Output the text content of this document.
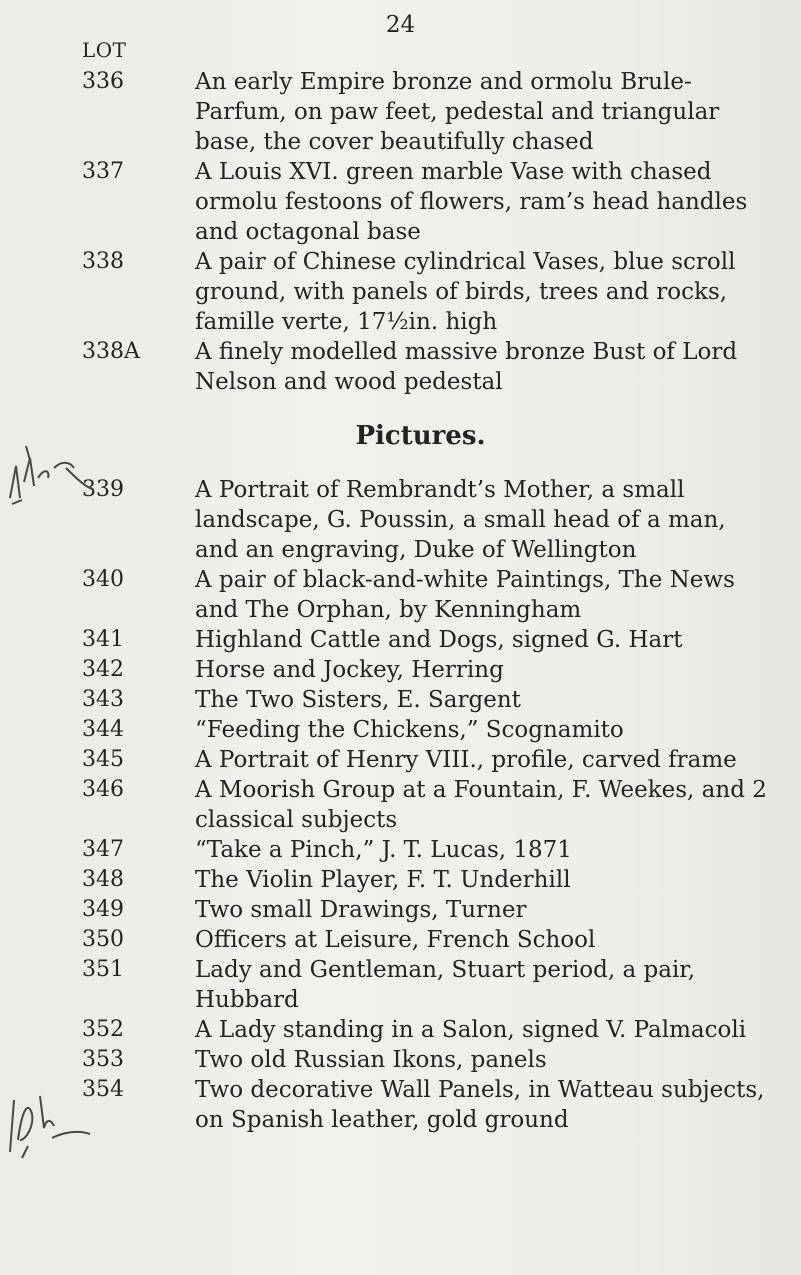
24
LOT
336	An early Empire bronze and ormolu Brule-Parfum, on paw feet, pedestal and triangular base, the cover beautifully chased
337	A Louis XVI. green marble Vase with chased ormolu festoons of flowers, ram’s head handles and octagonal base
338	A pair of Chinese cylindrical Vases, blue scroll ground, with panels of birds, trees and rocks, famille verte, 17½in. high
338A	A finely modelled massive bronze Bust of Lord Nelson and wood pedestal
Pictures.
339	A Portrait of Rembrandt’s Mother, a small landscape, G. Poussin, a small head of a man, and an engraving, Duke of Wellington
340	A pair of black-and-white Paintings, The News and The Orphan, by Kenningham
341	Highland Cattle and Dogs, signed G. Hart
342	Horse and Jockey, Herring
343	The Two Sisters, E. Sargent
344	“Feeding the Chickens,” Scognamito
345	A Portrait of Henry VIII., profile, carved frame
346	A Moorish Group at a Fountain, F. Weekes, and 2 classical subjects
347	“Take a Pinch,” J. T. Lucas, 1871
348	The Violin Player, F. T. Underhill
349	Two small Drawings, Turner
350	Officers at Leisure, French School
351	Lady and Gentleman, Stuart period, a pair, Hubbard
352	A Lady standing in a Salon, signed V. Palmacoli
353	Two old Russian Ikons, panels
354	Two decorative Wall Panels, in Watteau subjects, on Spanish leather, gold ground
